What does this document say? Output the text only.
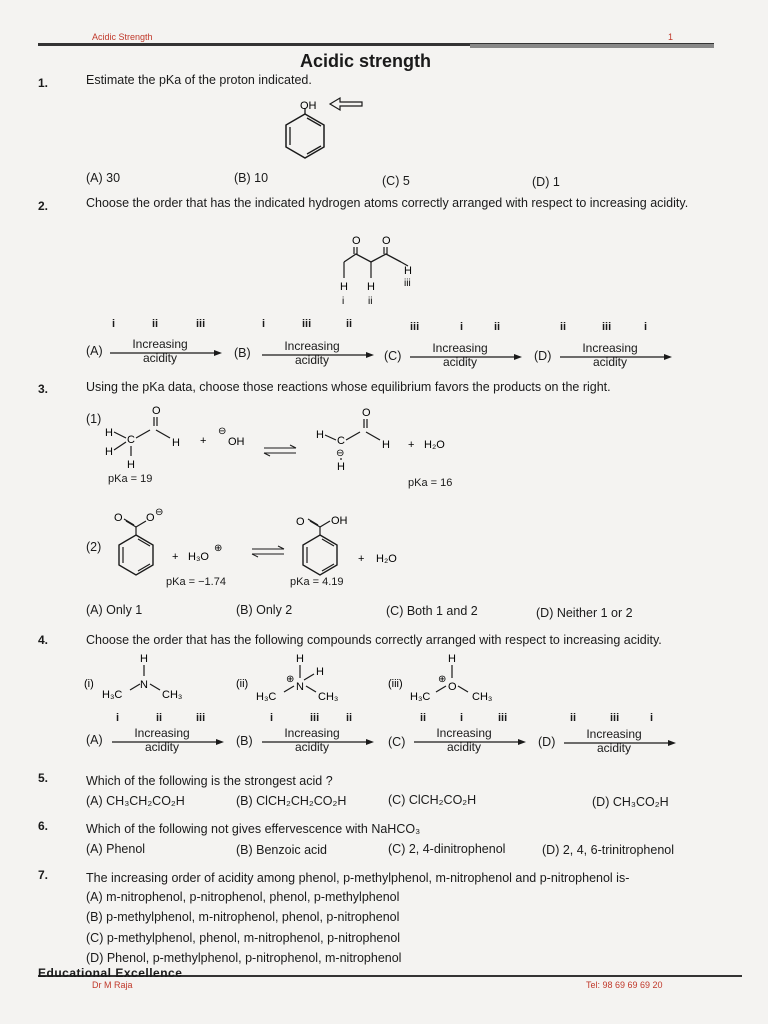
Acidic Strength	1
Acidic strength
1.	Estimate the pKa of the proton indicated.
OH
(A) 30	(B) 10	(C) 5	(D) 1
2.	Choose the order that has the indicated hydrogen atoms correctly arranged with respect to increasing acidity.
O O
H H
H
i ii
iii
i	ii	iii
(A)	Increasing
acidity
i	iii	ii
(B)	Increasing
acidity
iii	i	ii
(C)
Increasing
acidity
ii	iii	i
(D)
Increasing
acidity
3.	Using the pKa data, choose those reactions whose equilibrium favors the products on the right.
(1)
H
H
C
H
O
H +
⊖
OH
H C
⊖
H
O
H + H₂O
pKa = 19	pKa = 16
(2)
O O ⊖
+ H₃O
⊕
O OH
+ H₂O
pKa = −1.74	pKa = 4.19
(A) Only 1	(B) Only 2	(C) Both 1 and 2	(D) Neither 1 or 2
4.	Choose the order that has the following compounds correctly arranged with respect to increasing acidity.
(i)
H
N
H₃C	CH₃
(ii)
H
⊕
H
N
H₃C	CH₃
(iii)
H
⊕
O
H₃C	CH₃
i	ii	iii
(A)	Increasing
acidity
i	iii ii
(B)
Increasing
acidity
ii	i	iii
(C)
Increasing
acidity
ii	iii	i
(D)
Increasing
acidity
5.	Which of the following is the strongest acid ?
(A) CH₃CH₂CO₂H	(B) ClCH₂CH₂CO₂H	(C) ClCH₂CO₂H	(D) CH₃CO₂H
6.	Which of the following not gives effervescence with NaHCO₃
(A) Phenol	(B) Benzoic acid	(C) 2, 4-dinitrophenol	(D) 2, 4, 6-trinitrophenol
7.	The increasing order of acidity among phenol, p-methylphenol, m-nitrophenol and p-nitrophenol is-
(A) m-nitrophenol, p-nitrophenol, phenol, p-methylphenol
(B) p-methylphenol, m-nitrophenol, phenol, p-nitrophenol
(C) p-methylphenol, phenol, m-nitrophenol, p-nitrophenol
(D) Phenol, p-methylphenol, p-nitrophenol, m-nitrophenol
Educational Excellence
Dr M Raja	Tel: 98 69 69 69 20
